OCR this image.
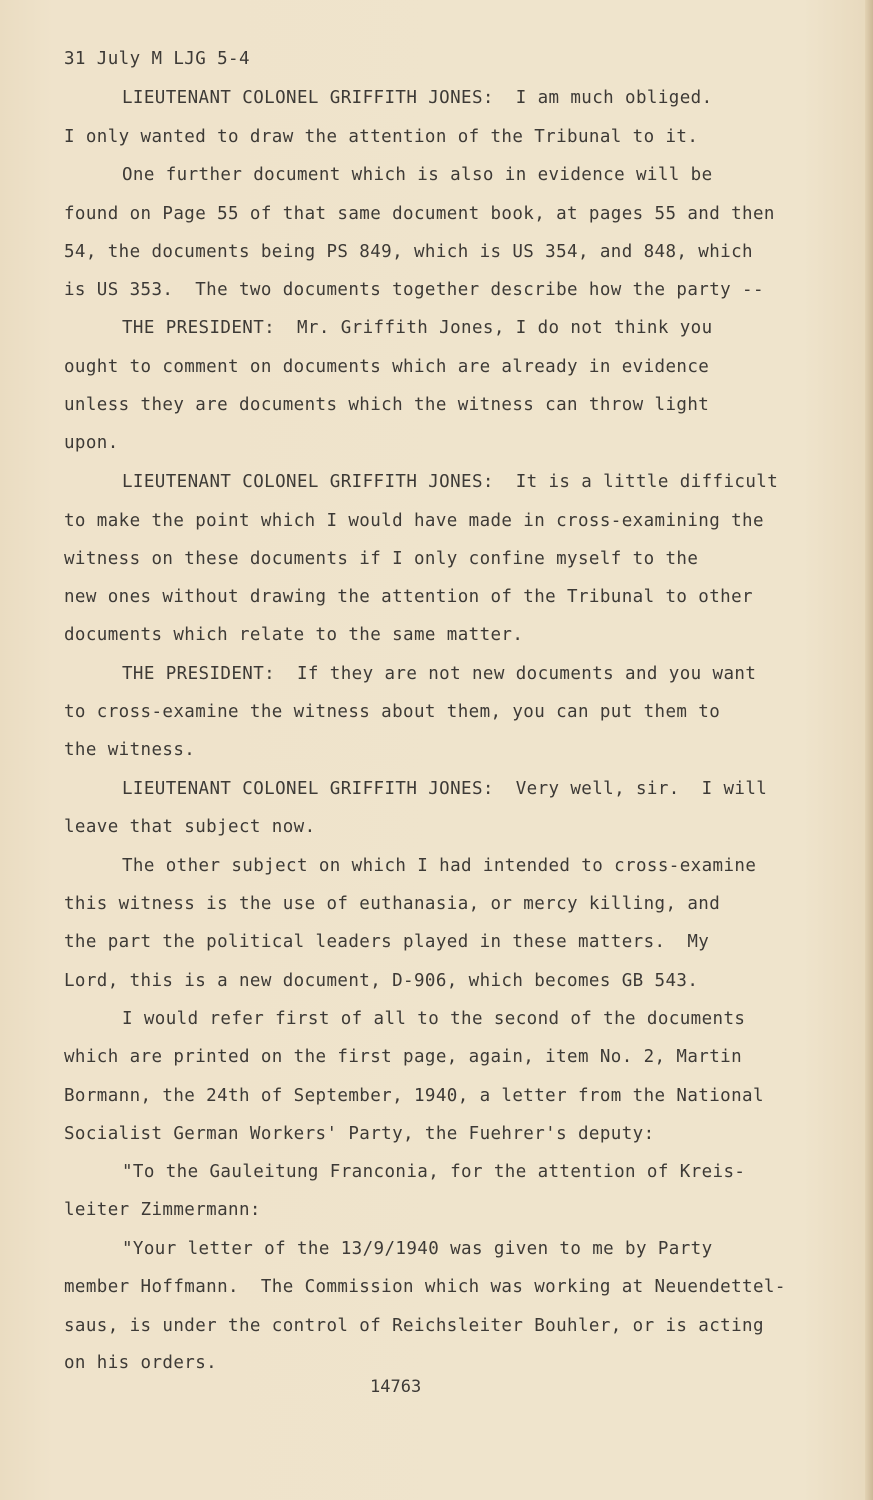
31 July M LJG 5-4
LIEUTENANT COLONEL GRIFFITH JONES:  I am much obliged.
I only wanted to draw the attention of the Tribunal to it.
One further document which is also in evidence will be
found on Page 55 of that same document book, at pages 55 and then
54, the documents being PS 849, which is US 354, and 848, which
is US 353.  The two documents together describe how the party --
THE PRESIDENT:  Mr. Griffith Jones, I do not think you
ought to comment on documents which are already in evidence
unless they are documents which the witness can throw light
upon.
LIEUTENANT COLONEL GRIFFITH JONES:  It is a little difficult
to make the point which I would have made in cross-examining the
witness on these documents if I only confine myself to the
new ones without drawing the attention of the Tribunal to other
documents which relate to the same matter.
THE PRESIDENT:  If they are not new documents and you want
to cross-examine the witness about them, you can put them to
the witness.
LIEUTENANT COLONEL GRIFFITH JONES:  Very well, sir.  I will
leave that subject now.
The other subject on which I had intended to cross-examine
this witness is the use of euthanasia, or mercy killing, and
the part the political leaders played in these matters.  My
Lord, this is a new document, D-906, which becomes GB 543.
I would refer first of all to the second of the documents
which are printed on the first page, again, item No. 2, Martin
Bormann, the 24th of September, 1940, a letter from the National
Socialist German Workers' Party, the Fuehrer's deputy:
"To the Gauleitung Franconia, for the attention of Kreis-
leiter Zimmermann:
"Your letter of the 13/9/1940 was given to me by Party
member Hoffmann.  The Commission which was working at Neuendettel-
saus, is under the control of Reichsleiter Bouhler, or is acting
on his orders.
14763
